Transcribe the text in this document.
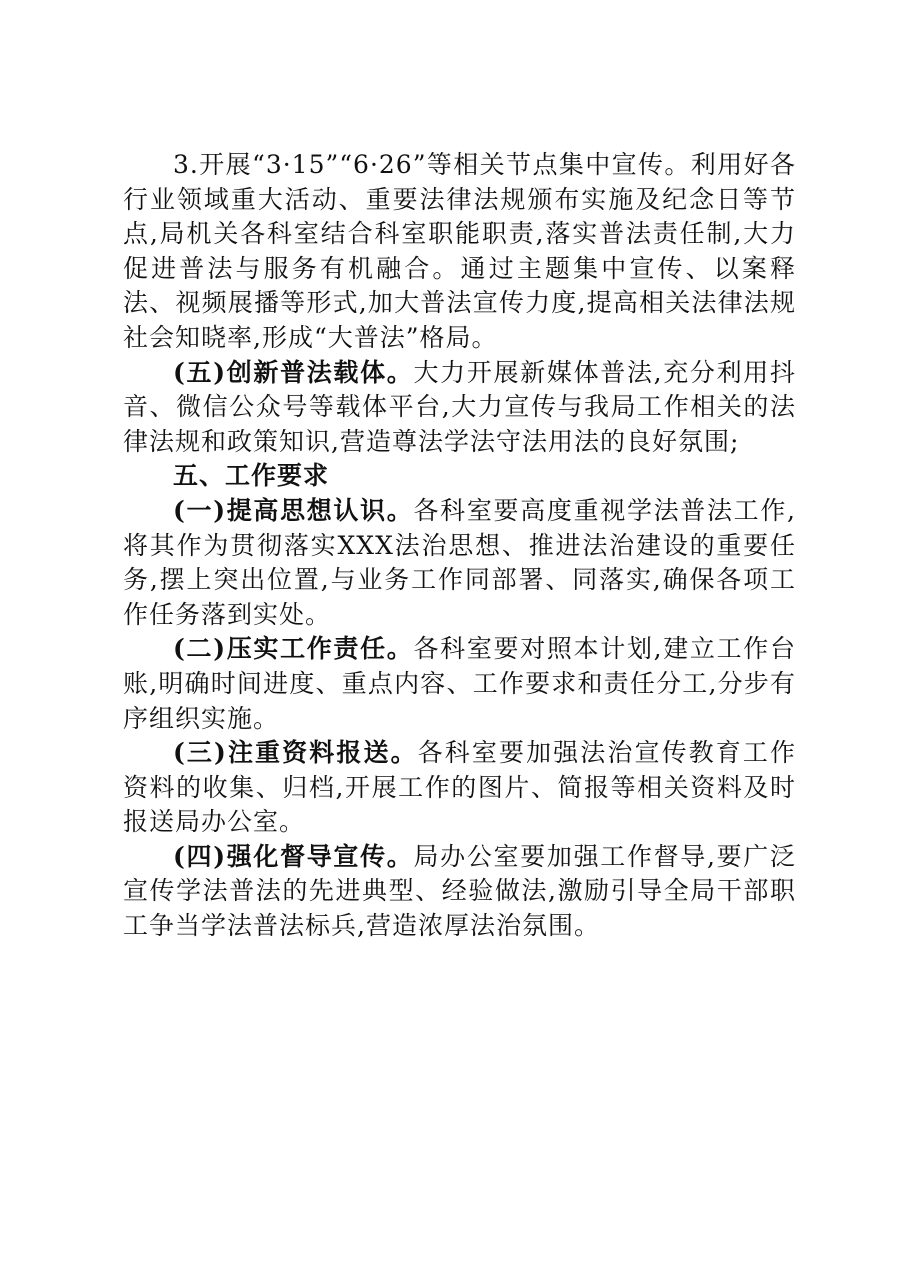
3.开展“3·15”“6·26”等相关节点集中宣传。利用好各行业领域重大活动、重要法律法规颁布实施及纪念日等节点,局机关各科室结合科室职能职责,落实普法责任制,大力促进普法与服务有机融合。通过主题集中宣传、以案释法、视频展播等形式,加大普法宣传力度,提高相关法律法规社会知晓率,形成“大普法”格局。

(五)创新普法载体。大力开展新媒体普法,充分利用抖音、微信公众号等载体平台,大力宣传与我局工作相关的法律法规和政策知识,营造尊法学法守法用法的良好氛围;

五、工作要求

(一)提高思想认识。各科室要高度重视学法普法工作,将其作为贯彻落实XXX法治思想、推进法治建设的重要任务,摆上突出位置,与业务工作同部署、同落实,确保各项工作任务落到实处。

(二)压实工作责任。各科室要对照本计划,建立工作台账,明确时间进度、重点内容、工作要求和责任分工,分步有序组织实施。

(三)注重资料报送。各科室要加强法治宣传教育工作资料的收集、归档,开展工作的图片、简报等相关资料及时报送局办公室。

(四)强化督导宣传。局办公室要加强工作督导,要广泛宣传学法普法的先进典型、经验做法,激励引导全局干部职工争当学法普法标兵,营造浓厚法治氛围。
